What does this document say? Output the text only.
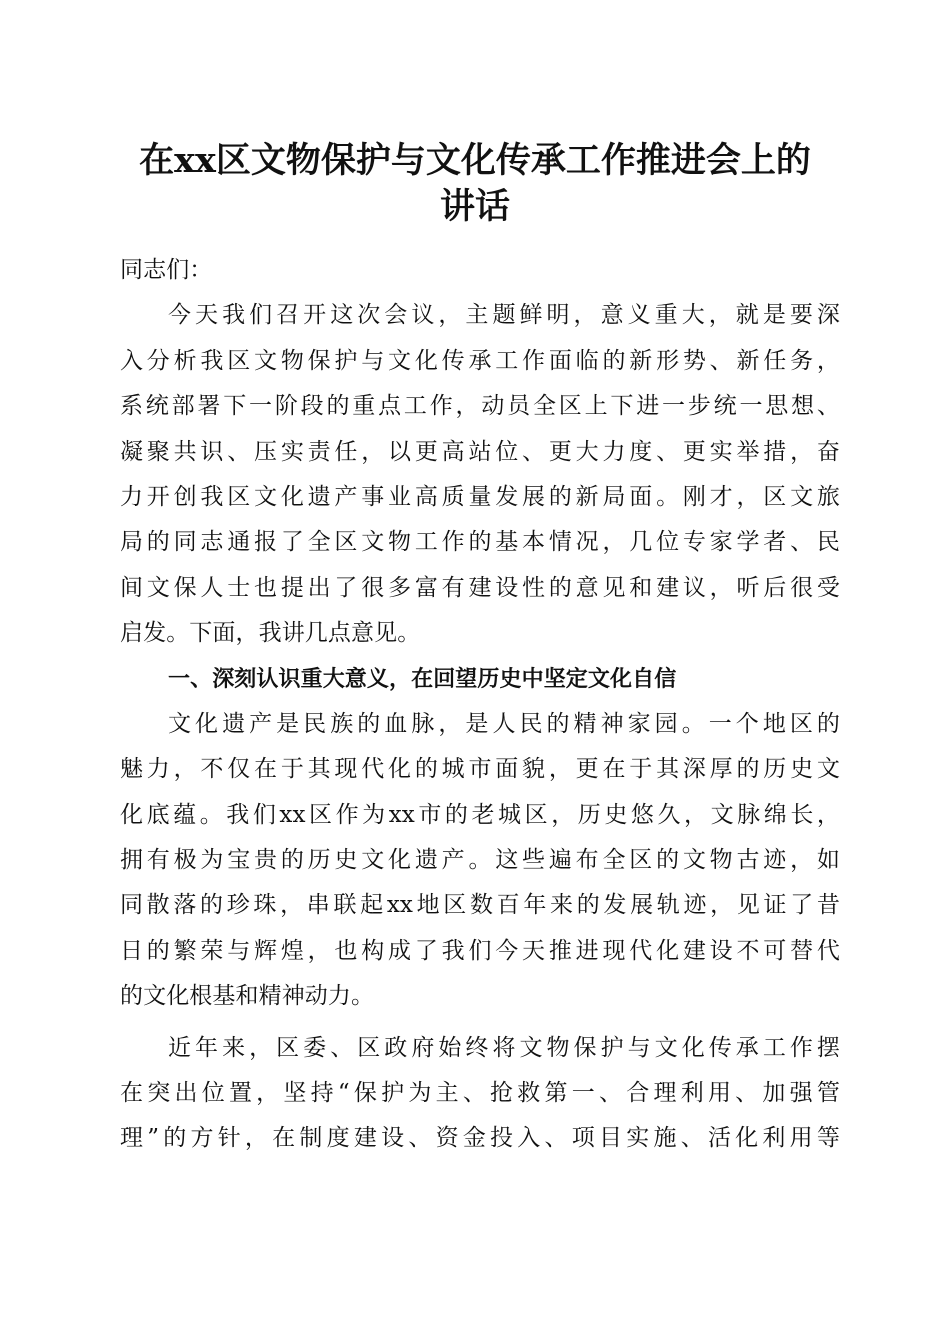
在xx区文物保护与文化传承工作推进会上的
讲话
同志们：
今天我们召开这次会议，主题鲜明，意义重大，就是要深
入分析我区文物保护与文化传承工作面临的新形势、新任务，
系统部署下一阶段的重点工作，动员全区上下进一步统一思想、
凝聚共识、压实责任，以更高站位、更大力度、更实举措，奋
力开创我区文化遗产事业高质量发展的新局面。刚才，区文旅
局的同志通报了全区文物工作的基本情况，几位专家学者、民
间文保人士也提出了很多富有建设性的意见和建议，听后很受
启发。下面，我讲几点意见。
一、深刻认识重大意义，在回望历史中坚定文化自信
文化遗产是民族的血脉，是人民的精神家园。一个地区的
魅力，不仅在于其现代化的城市面貌，更在于其深厚的历史文
化底蕴。我们xx区作为xx市的老城区，历史悠久，文脉绵长，
拥有极为宝贵的历史文化遗产。这些遍布全区的文物古迹，如
同散落的珍珠，串联起xx地区数百年来的发展轨迹，见证了昔
日的繁荣与辉煌，也构成了我们今天推进现代化建设不可替代
的文化根基和精神动力。
近年来，区委、区政府始终将文物保护与文化传承工作摆
在突出位置，坚持“保护为主、抢救第一、合理利用、加强管
理”的方针，在制度建设、资金投入、项目实施、活化利用等
